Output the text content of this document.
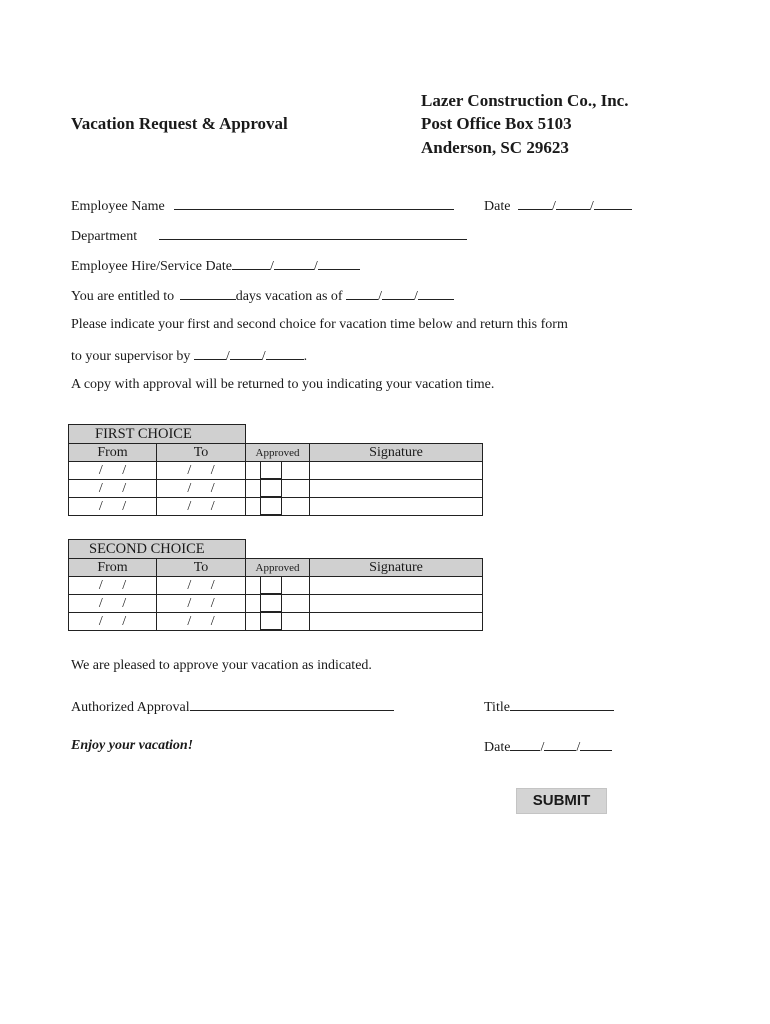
Vacation Request & Approval
Lazer Construction Co., Inc.
Post Office Box 5103
Anderson, SC 29623
Employee Name	Date	/ /
Department
Employee Hire/Service Date	/	/
You are entitled to	days vacation as of	/ /
Please indicate your first and second choice for vacation time below and return this form
to your supervisor by	/ /	.
A copy with approval will be returned to you indicating your vacation time.
FIRST CHOICE
From	To	Approved	Signature
/ /	/ /	

/ /	/ /	

/ /	/ /	

SECOND CHOICE
From	To	Approved	Signature
/ /	/ /	

/ /	/ /	

/ /	/ /	

We are pleased to approve your vacation as indicated.
Authorized Approval	Title
Enjoy your vacation!	Date / /
SUBMIT
